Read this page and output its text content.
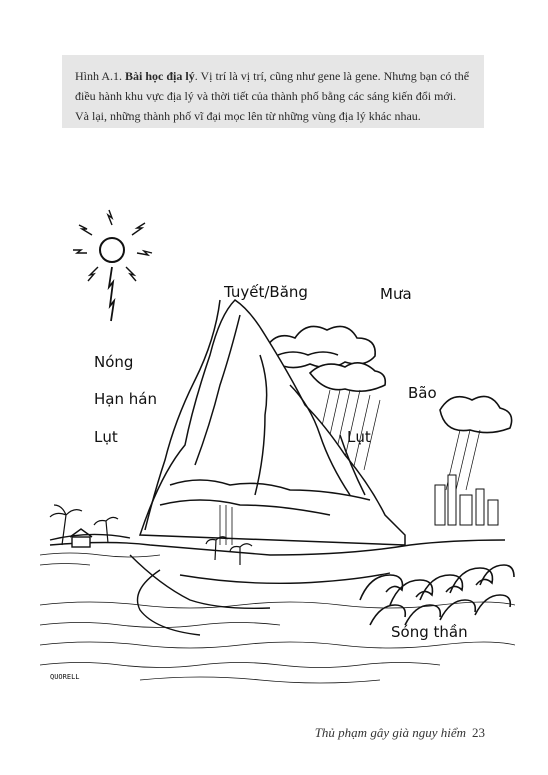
Hình A.1. Bài học địa lý. Vị trí là vị trí, cũng như gene là gene. Nhưng bạn có thể điều hành khu vực địa lý và thời tiết của thành phố bằng các sáng kiến đổi mới. Và lại, những thành phố vĩ đại mọc lên từ những vùng địa lý khác nhau.
QUORELL
Tuyết/Băng	Mưa
Nóng
Hạn hán
Lụt
Bão
Lụt
Sóng thần
Thủ phạm gây già nguy hiểm 23
